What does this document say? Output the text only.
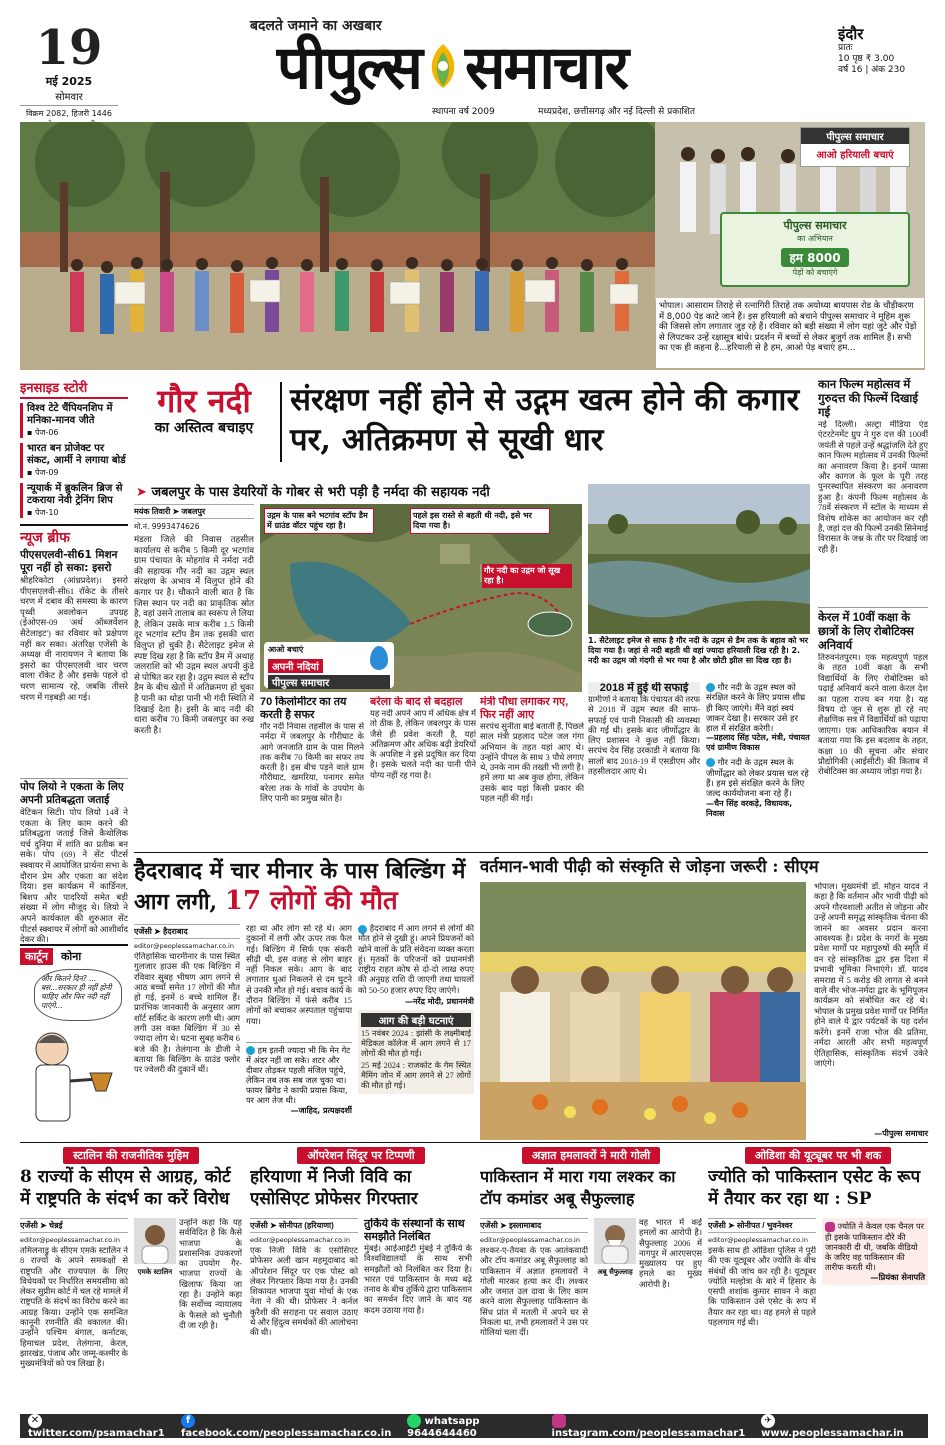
19
मई 2025
सोमवार
विक्रम 2082, हिजरी 1446
बदलते जमाने का अखबार
पीपुल्स समाचार
स्थापना वर्ष 2009	मध्यप्रदेश, छत्तीसगढ़ और नई दिल्ली से प्रकाशित
इंदौर
प्रातः
10 पृष्ठ ₹ 3.00
वर्ष 16 | अंक 230
पीपुल्स समाचार
आओ हरियाली बचाएं
पीपुल्स समाचार
का अभियान
हम 8000
पेड़ों को बचाएंगे
भोपाल। आसाराम तिराहे से रत्नागिरी तिराहे तक अयोध्या बायपास रोड के चौड़ीकरण में 8,000 पेड़ काटे जाने हैं। इस हरियाली को बचाने पीपुल्स समाचार ने मुहिम शुरू की जिससे लोग लगातार जुड़ रहे हैं। रविवार को बड़ी संख्या में लोग यहां जुटे और पेड़ों से लिपटकर उन्हें रक्षासूत्र बांधे। प्रदर्शन में बच्चों से लेकर बुजुर्ग तक शामिल हैं। सभी का एक ही कहना है...हरियाली से है हम, आओ पेड़ बचाएं हम...
इनसाइड स्टोरी
विश्व टेटे चैंपियनशिप में मनिका-मानव जीते
▪ पेज-06
भारत बन प्रोजेक्ट पर संकट, आर्मी ने लगाया बोर्ड
▪ पेज-09
न्यूयार्क में ब्रुकलिन ब्रिज से टकराया नेवी ट्रेनिंग शिप
▪ पेज-10
न्यूज ब्रीफ
पीएसएलवी-सी61 मिशन पूरा नहीं हो सका: इसरो
श्रीहरिकोटा (आंध्रप्रदेश)। इसरो पीएसएलवी-सी61 रॉकेट के तीसरे चरण में दबाव की समस्या के कारण पृथ्वी अवलोकन उपग्रह (ईओएस-09 'अर्थ ऑब्जर्वेशन सैटेलाइट') का रविवार को प्रक्षेपण नहीं कर सका। अंतरिक्ष एजेंसी के अध्यक्ष वी नारायणन ने बताया कि इसरो का पीएसएलवी चार चरण वाला रॉकेट है और इसके पहले दो चरण सामान्य रहे, जबकि तीसरे चरण में गड़बड़ी आ गई।
पोप लियो ने एकता के लिए अपनी प्रतिबद्धता जताई
वेटिकन सिटी। पोप लियो 14वें ने एकता के लिए काम करने की प्रतिबद्धता जताई जिसे कैथोलिक चर्च दुनिया में शांति का प्रतीक बन सके। पोप (69) ने सेंट पीटर्स स्क्वायर में आयोजित प्रार्थना सभा के दौरान प्रेम और एकता का संदेश दिया। इस कार्यक्रम में कार्डिनल, बिशप और पादरियों समेत बड़ी संख्या में लोग मौजूद थे। लियो ने अपने कार्यकाल की शुरुआत सेंट पीटर्स स्क्वायर में लोगों को आशीर्वाद देकर की।
कार्टून	कोना
और कितने दिन? ... बस...सरकार ही नहीं होनी चाहिए और फिर नदी नहीं पाएंगे...
गौर नदी
का अस्तित्व बचाइए
संरक्षण नहीं होने से उद्गम खत्म होने की कगार पर, अतिक्रमण से सूखी धार
➤ जबलपुर के पास डेयरियों के गोबर से भरी पड़ी है नर्मदा की सहायक नदी
मयंक तिवारी ➤ जबलपुर
मो.नं. 9993474626
मंडला जिले की निवास तहसील कार्यालय से करीब 5 किमी दूर भटगांव ग्राम पंचायत के मोहगांव में नर्मदा नदी की सहायक गौर नदी का उद्गम स्थल संरक्षण के अभाव में विलुप्त होने की कगार पर है। चौकाने वाली बात है कि जिस स्थान पर नदी का प्राकृतिक स्रोत है, वहां उसने तालाब का स्वरूप ले लिया है, लेकिन उसके मात्र करीब 1.5 किमी दूर भटगांव स्टॉप डैम तक इसकी धारा विलुप्त हो चुकी है। सैटेलाइट इमेज से स्पष्ट दिख रहा है कि स्टॉप डैम में अथाह जलराशि को भी उद्गम स्थल अपनी कुंडे से पोषित कर रहा है। उद्गम स्थल से स्टॉप डैम के बीच खेतों में अतिक्रमण हो चुका है पानी का थोड़ा पानी भी गंदी स्थिति में दिखाई देता है। इसी के बाद नदी की धारा करीब 70 किमी जबलपुर का रुख करती है।
उद्गम के पास बने भटगांव स्टॉप डैम में ग्राउंड वॉटर पहुंच रहा है।
पहले इस रास्ते से बहती थी नदी, इसे भर दिया गया है।
गौर नदी का उद्गम जो सूख रहा है।
आओ बचाएं
अपनी नदियां
पीपुल्स समाचार
1. सैटेलाइट इमेज से साफ है गौर नदी के उद्गम से डैम तक के बहाव को भर दिया गया है। जहां से नदी बहती थी वहां ज्यादा हरियाली दिख रही है। 2. नदी का उद्गम जो गंदगी से भर गया है और छोटी झील सा दिख रहा है।
70 किलोमीटर का तय करती है सफर
गौर नदी निवास तहसील के पास से नर्मदा में जबलपुर के गौरीघाट के आगे जनजाति ग्राम के पास मिलने तक करीब 70 किमी का सफर तय करती है। इस बीच पड़ने वाले ग्राम गौरीघाट, खमरिया, पनागर समेत बरेला तक के गांवों के उपयोग के लिए पानी का प्रमुख स्रोत है।
बरेला के बाद से बदहाल
यह नदी अपने आप में अधिक क्षेत्र में तो ठीक है, लेकिन जबलपुर के पास जैसे ही प्रवेश करती है, यहां अतिक्रमण और अधिक बढ़ी डेयरियों के अपशिष्ट ने इसे प्रदूषित कर दिया है। इसके चलते नदी का पानी पीने योग्य नहीं रह गया है।
मंत्री पौधा लगाकर गए, फिर नहीं आए
सरपंच सुनीता बाई बताती हैं, पिछले साल मंत्री प्रहलाद पटेल जल गंगा अभियान के तहत यहां आए थे। उन्होंने पीपल के साथ 3 पौधे लगाए थे, उनके नाम की तख्ती भी लगी है। हमें लगा था अब कुछ होगा, लेकिन उसके बाद यहां किसी प्रकार की पहल नहीं की गई।
2018 में हुई थी सफाई
ग्रामीणों ने बताया कि पंचायत की तरफ से 2018 में उद्गम स्थल की साफ-सफाई एवं पानी निकासी की व्यवस्था की गई थी। इसके बाद जीर्णोद्धार के लिए प्रशासन ने कुछ नहीं किया। सरपंच देव सिंह उरकाडी ने बताया कि सालों बाद 2018-19 में एसडीएम और तहसीलदार आए थे।
गौर नदी के उद्गम स्थल को संरक्षित करने के लिए प्रयास शीघ्र ही किए जाएंगे। मैंने वहां स्वयं जाकर देखा है। सरकार उसे हर हाल में संरक्षित करेगी।
—प्रहलाद सिंह पटेल, मंत्री, पंचायत एवं ग्रामीण विकास
गौर नदी के उद्गम स्थल के जीर्णोद्धार को लेकर प्रयास चल रहे हैं। हम इसे संरक्षित करने के लिए जल्द कार्ययोजना बना रहे हैं।
—चैन सिंह वरकड़े, विधायक, निवास
कान फिल्म महोत्सव में गुरुदत्त की फिल्में दिखाई गई
नई दिल्ली। अल्ट्रा मीडिया एंड एंटरटेनमेंट ग्रुप ने गुरु दत्त की 100वीं जयंती से पहले उन्हें श्रद्धांजलि देते हुए कान फिल्म महोत्सव में उनकी फिल्मों का अनावरण किया है। इनमें प्यासा और कागज के फूल के पूरी तरह पुनरस्थापित संस्करण का अनावरण हुआ है। कंपनी फिल्म महोत्सव के 78वें संस्करण में स्टॉल के माध्यम से विशेष शोकेस का आयोजन कर रही है, जहां दत्त की फिल्में उनकी सिनेमाई विरासत के जश्न के तौर पर दिखाई जा रही हैं।
केरल में 10वीं कक्षा के छात्रों के लिए रोबोटिक्स अनिवार्य
तिरुवनंतपुरम। एक महत्वपूर्ण पहल के तहत 10वीं कक्षा के सभी विद्यार्थियों के लिए रोबोटिक्स को पढ़ाई अनिवार्य करने वाला केरल देश का पहला राज्य बन गया है। यह विषय दो जून से शुरू हो रहे नए शैक्षणिक सत्र में विद्यार्थियों को पढ़ाया जाएगा। एक आधिकारिक बयान में बताया गया कि इस बदलाव के तहत, कक्षा 10 की सूचना और संचार प्रौद्योगिकी (आईसीटी) की किताब में रोबोटिक्स का अध्याय जोड़ा गया है।
हैदराबाद में चार मीनार के पास बिल्डिंग में आग लगी, 17 लोगों की मौत
एजेंसी ➤ हैदराबाद
editor@peoplessamachar.co.in
ऐतिहासिक चारमीनार के पास स्थित गुलजार हाउस की एक बिल्डिंग में रविवार सुबह भीषण आग लगने से आठ बच्चों समेत 17 लोगों की मौत हो गई, इनमें 8 बच्चे शामिल हैं। प्रारंभिक जानकारी के अनुसार आग शॉर्ट सर्किट के कारण लगी थी। आग लगी उस वक्त बिल्डिंग में 30 से ज्यादा लोग थे। घटना सुबह करीब 6 बजे की है। तेलंगाना के डीजी ने बताया कि बिल्डिंग के ग्राउंड फ्लोर पर ज्वेलरी की दुकानें थीं।
रहा था और लोग सो रहे थे। आग दुकानों में लगी और ऊपर तक फैल गई। बिल्डिंग में सिर्फ एक संकरी सीढ़ी थी, इस वजह से लोग बाहर नहीं निकल सके। आग के बाद लगातार धुआं निकलने से दम घुटने से उनकी मौत हो गई। बचाव कार्य के दौरान बिल्डिंग में फंसे करीब 15 लोगों को बचाकर अस्पताल पहुंचाया गया।
हम इतनी ज्यादा भी कि मेन गेट में अंदर नहीं जा सके। शटर और दीवार तोड़कर पहली मंजिल पहुंचे, लेकिन तब तक सब जल चुका था। फायर ब्रिगेड ने काफी प्रयास किया, पर आग तेज थी।
—जाहिद, प्रत्यक्षदर्शी
हैदराबाद में आग लगने से लोगों की मौत होने से दुखी हूं। अपने प्रियजनों को खोने वालों के प्रति संवेदना व्यक्त करता हूं। मृतकों के परिजनों को प्रधानमंत्री राष्ट्रीय राहत कोष से दो-दो लाख रुपए की अनुग्रह राशि दी जाएगी तथा घायलों को 50-50 हजार रुपए दिए जाएंगे।
—नरेंद्र मोदी, प्रधानमंत्री
आग की बड़ी घटनाएं
15 नवंबर 2024 : झांसी के लक्ष्मीबाई मेडिकल कॉलेज में आग लगने से 17 लोगों की मौत हो गई।
25 मई 2024 : राजकोट के गेम स्थित मैमिंग जोन में आग लगने से 27 लोगों की मौत हो गई।
वर्तमान-भावी पीढ़ी को संस्कृति से जोड़ना जरूरी : सीएम
भोपाल। मुख्यमंत्री डॉ. मोहन यादव ने कहा है कि वर्तमान और भावी पीढ़ी को अपने गौरवशाली अतीत से जोड़ना और उन्हें अपनी समृद्ध सांस्कृतिक चेतना की जानने का अवसर प्रदान करना आवश्यक है। प्रदेश के नगरों के मुख्य प्रवेश मार्गों पर महापुरुषों की स्मृति में वन रहे सांस्कृतिक द्वार इस दिशा में प्रभावी भूमिका निभाएंगे। डॉ. यादव समराद्य में 5 करोड़ की लागत से बनने वाले वीर भोज-नर्मदा द्वार के भूमिपूजन कार्यक्रम को संबोधित कर रहे थे। भोपाल के प्रमुख प्रवेश मार्गों पर निर्मित होने वाले ये द्वार पर्यटकों के यह दर्शन करेंगे। इनमें राजा भोज की प्रतिमा, नर्मदा आरती और सभी महत्वपूर्ण ऐतिहासिक, सांस्कृतिक संदर्भ उकेरे जाएंगे।
—पीपुल्स समाचार
स्टालिन की राजनीतिक मुहिम
8 राज्यों के सीएम से आग्रह, कोर्ट में राष्ट्रपति के संदर्भ का करें विरोध
एजेंसी ➤ चेन्नई
editor@peoplessamachar.co.in
तमिलनाडु के सीएम एमके स्टालिन ने 8 राज्यों के अपने समकक्षों से राष्ट्रपति और राज्यपाल के लिए विधेयकों पर निर्धारित समयसीमा को लेकर सुप्रीम कोर्ट में चल रहे मामले में राष्ट्रपति के संदर्भ का विरोध करने का आग्रह किया। उन्होंने एक समन्वित कानूनी रणनीति की वकालत की। उन्होंने पश्चिम बंगाल, कर्नाटक, हिमाचल प्रदेश, तेलंगाना, केरल, झारखंड, पंजाब और जम्मू-कश्मीर के मुख्यमंत्रियों को पत्र लिखा है।
एमके स्टालिन
उन्होंने कहा कि यह सर्वविदित है कि कैसे भाजपा के प्रशासनिक उपकरणों का उपयोग गैर-भाजपा राज्यों के खिलाफ किया जा रहा है। उन्होंने कहा कि सर्वोच्च न्यायालय के फैसले को चुनौती दी जा रही है।
ऑपरेशन सिंदूर पर टिप्पणी
हरियाणा में निजी विवि का एसोसिएट प्रोफेसर गिरफ्तार
एजेंसी ➤ सोनीपत (हरियाणा)
editor@peoplessamachar.co.in
एक निजी विवि के एसोसिएट प्रोफेसर अली खान महमूदाबाद को ऑपरेशन सिंदूर पर एक पोस्ट को लेकर गिरफ्तार किया गया है। उनकी शिकायत भाजपा युवा मोर्चा के एक नेता ने की थी। प्रोफेसर ने कर्नल कुरैशी की सराहना पर सवाल उठाए थे और हिंदुत्व समर्थकों की आलोचना की थी।
तुर्किये के संस्थानों के साथ समझौते निलंबित
मुंबई। आईआईटी मुंबई ने तुर्किये के विश्वविद्यालयों के साथ सभी समझौतों को निलंबित कर दिया है। भारत एवं पाकिस्तान के मध्य बढ़े तनाव के बीच तुर्किये द्वारा पाकिस्तान का समर्थन दिए जाने के बाद यह कदम उठाया गया है।
अज्ञात हमलावरों ने मारी गोली
पाकिस्तान में मारा गया लश्कर का टॉप कमांडर अबू सैफुल्लाह
एजेंसी ➤ इस्लामाबाद
editor@peoplessamachar.co.in
लश्कर-ए-तैयबा के एक आतंकवादी और टॉप कमांडर अबू सैफुल्लाह को पाकिस्तान में अज्ञात हमलावरों ने गोली मारकर हत्या कर दी। लश्कर और जमात उल दावा के लिए काम करने वाला सैफुल्लाह पाकिस्तान के सिंध प्रांत में मतली में अपने घर से निकला था, तभी हमलावरों ने उस पर गोलियां चला दीं।
अबू सैफुल्लाह
वह भारत में कई हमलों का आरोपी है। सैफुल्लाह 2006 में नागपुर में आरएसएस मुख्यालय पर हुए हमले का मुख्य आरोपी है।
ओडिशा की यूट्यूबर पर भी शक
ज्योति को पाकिस्तान एसेट के रूप में तैयार कर रहा था : SP
एजेंसी ➤ सोनीपत / भुवनेश्वर
editor@peoplessamachar.co.in
इसके साथ ही ओडिशा पुलिस ने पुरी की एक यूट्यूबर और ज्योति के बीच संबंधों की जांच कर रही है। यूट्यूबर ज्योति मल्होत्रा के बारे में हिसार के एसपी शशांक कुमार सावन ने कहा कि पाकिस्तान उसे एसेट के रूप में तैयार कर रहा था। वह हमले से पहले पहलगाम गई थी।
ज्योति ने केवल एक चैनल पर ही इसके पाकिस्तान दौरे की जानकारी दी थी, जबकि वीडियो के जरिए वह पाकिस्तान की तारीफ करती थी।
—प्रियंका सेनापति
✕ twitter.com/psamachar1
f facebook.com/peoplessamachar.co.in
whatsapp 9644644460	instagram.com/peoplessamachar1
✈ www.peoplessamachar.in
